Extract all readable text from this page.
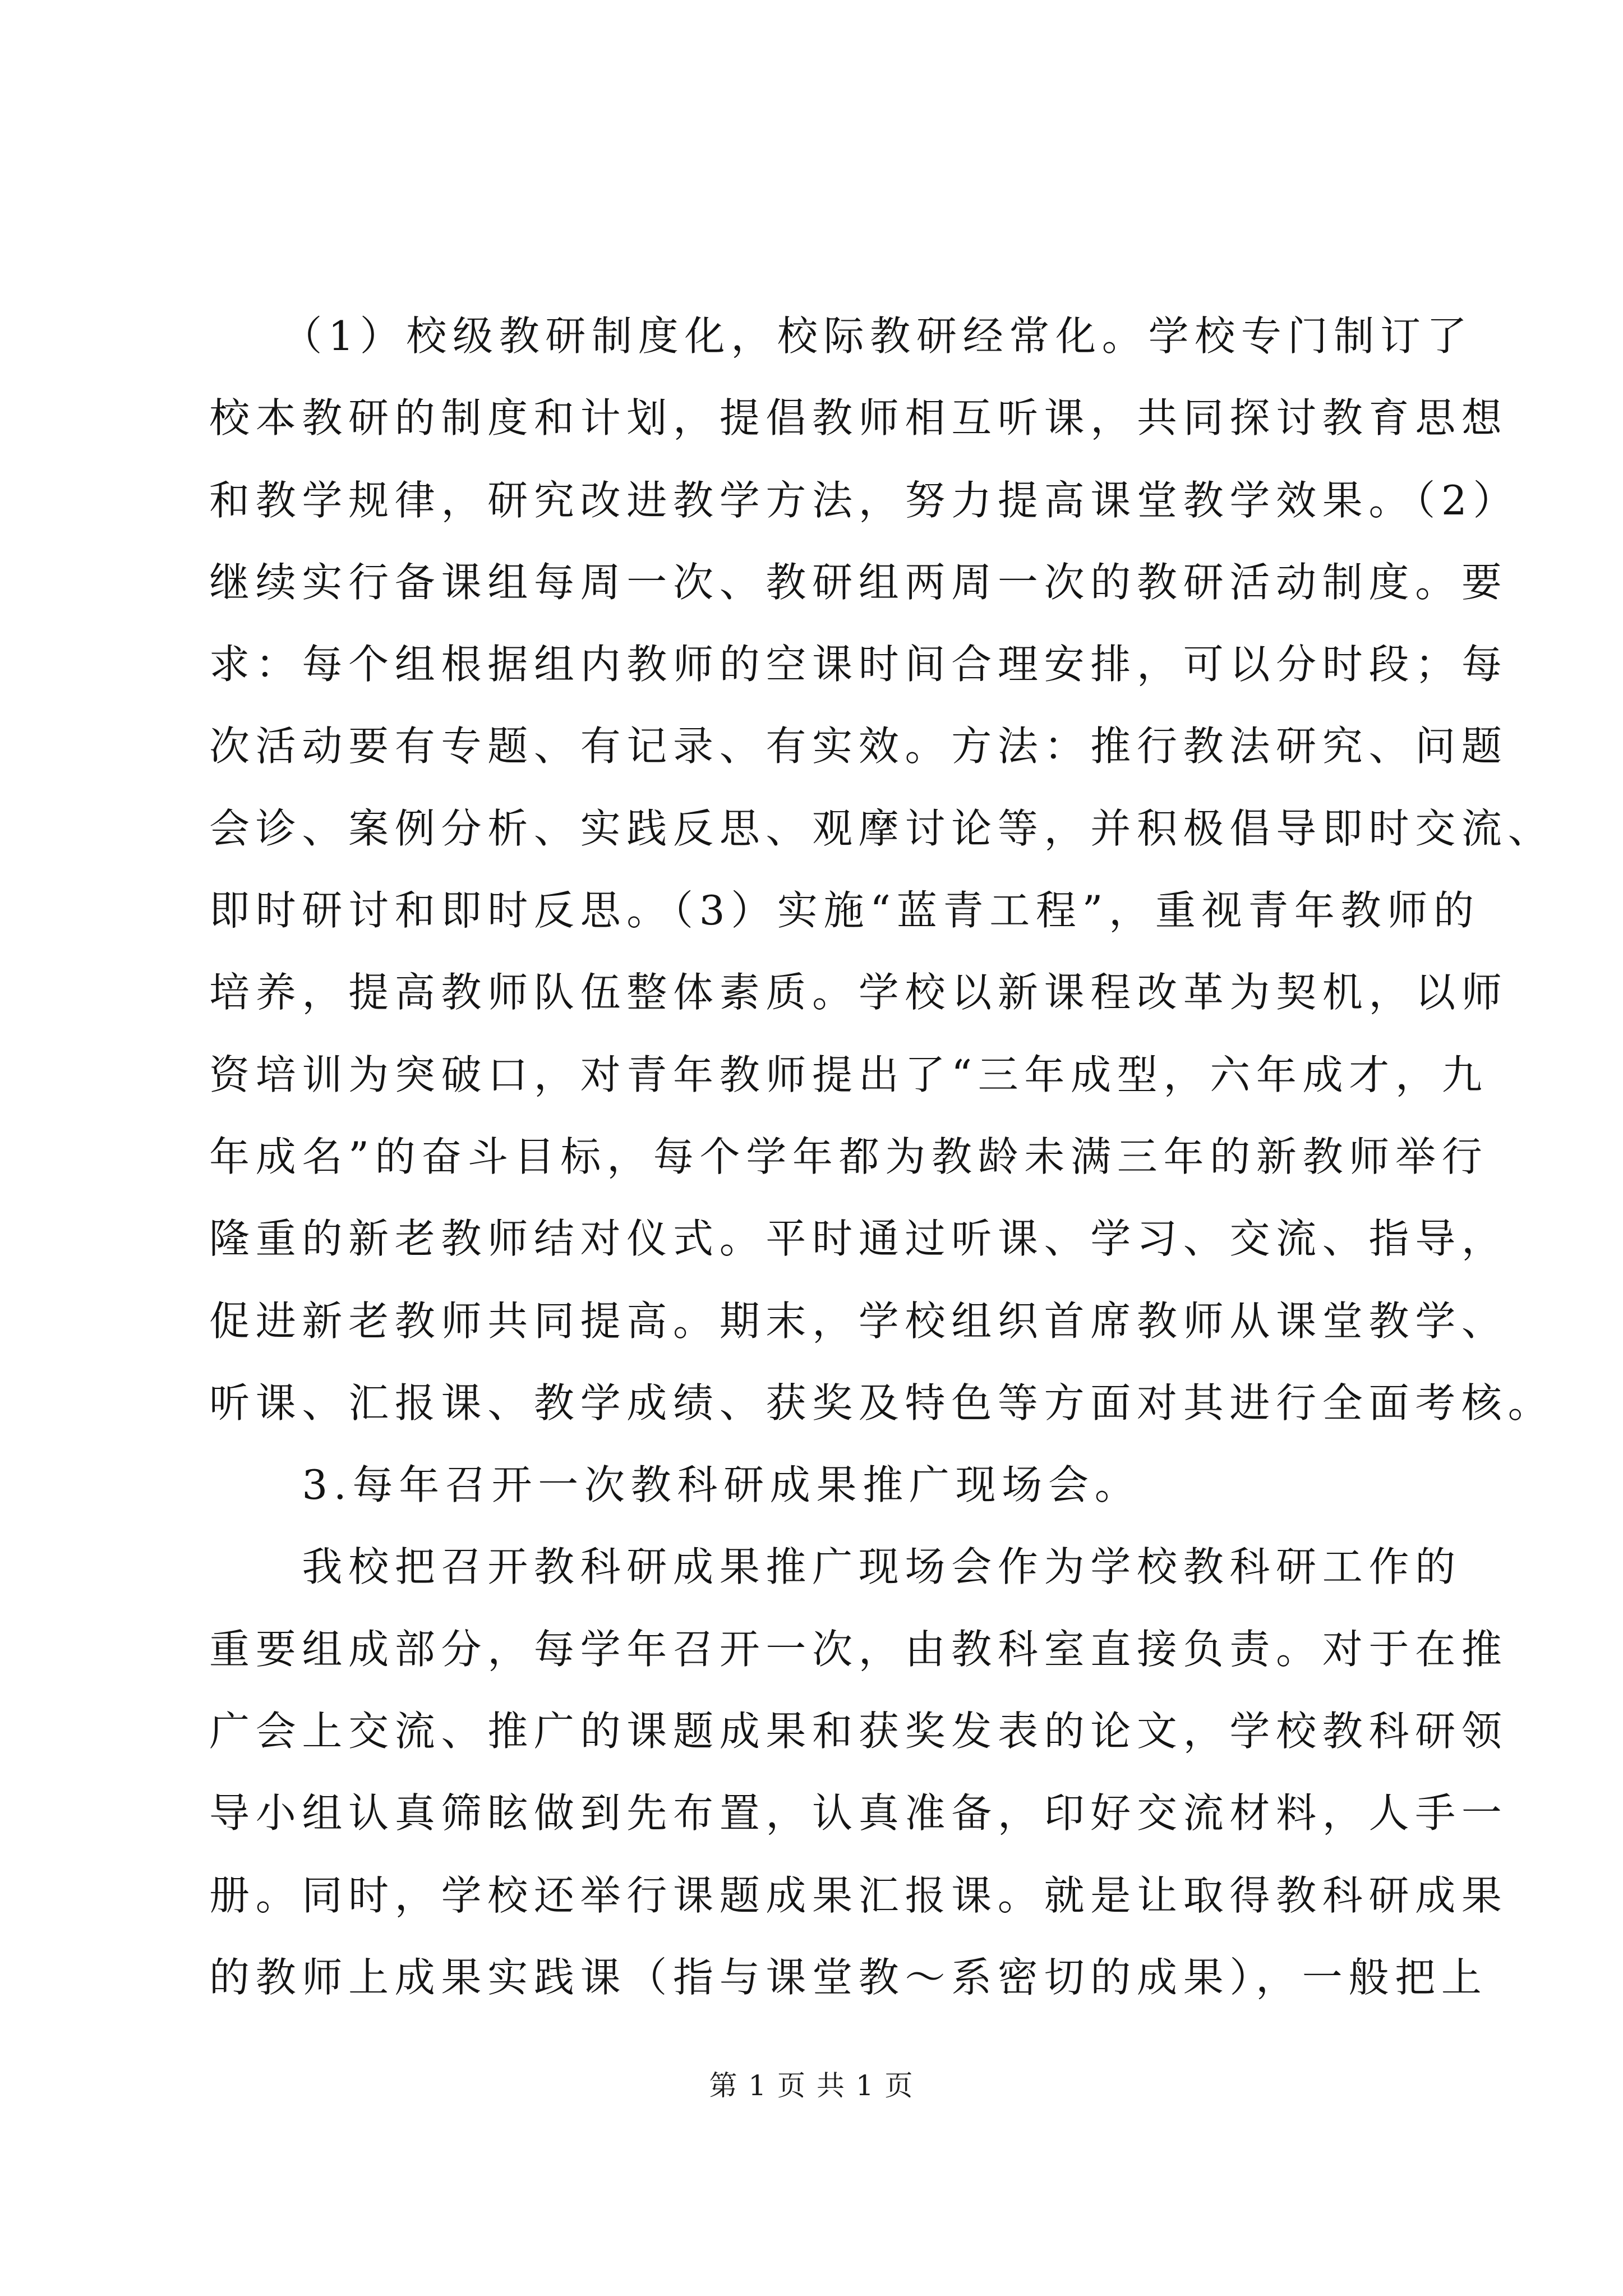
　　（1）校级教研制度化，校际教研经常化。学校专门制订了
校本教研的制度和计划，提倡教师相互听课，共同探讨教育思想
和教学规律，研究改进教学方法，努力提高课堂教学效果。（2）
继续实行备课组每周一次、教研组两周一次的教研活动制度。要
求：每个组根据组内教师的空课时间合理安排，可以分时段；每
次活动要有专题、有记录、有实效。方法：推行教法研究、问题
会诊、案例分析、实践反思、观摩讨论等，并积极倡导即时交流、
即时研讨和即时反思。（3）实施“蓝青工程”，重视青年教师的
培养，提高教师队伍整体素质。学校以新课程改革为契机，以师
资培训为突破口，对青年教师提出了“三年成型，六年成才，九
年成名”的奋斗目标，每个学年都为教龄未满三年的新教师举行
隆重的新老教师结对仪式。平时通过听课、学习、交流、指导，
促进新老教师共同提高。期末，学校组织首席教师从课堂教学、
听课、汇报课、教学成绩、获奖及特色等方面对其进行全面考核。
　　3.每年召开一次教科研成果推广现场会。
　　我校把召开教科研成果推广现场会作为学校教科研工作的
重要组成部分，每学年召开一次，由教科室直接负责。对于在推
广会上交流、推广的课题成果和获奖发表的论文，学校教科研领
导小组认真筛眩做到先布置，认真准备，印好交流材料，人手一
册。同时，学校还举行课题成果汇报课。就是让取得教科研成果
的教师上成果实践课（指与课堂教～系密切的成果），一般把上
第 1 页 共 1 页
